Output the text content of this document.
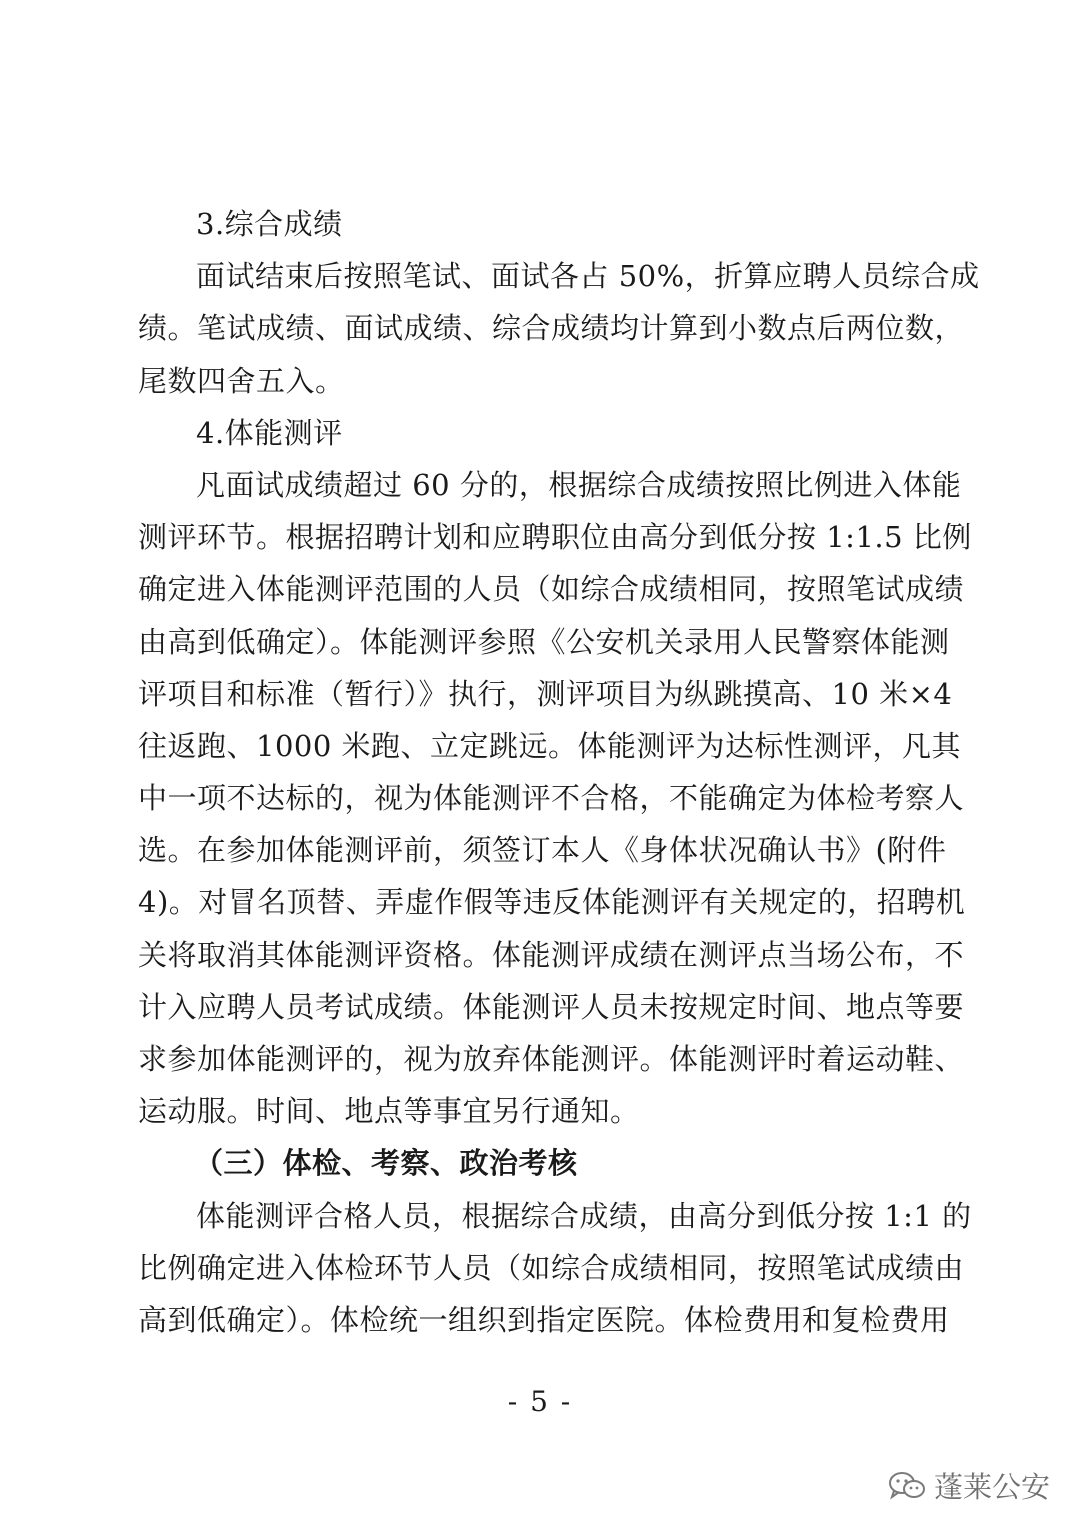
3.综合成绩
面试结束后按照笔试、面试各占 50%，折算应聘人员综合成
绩。笔试成绩、面试成绩、综合成绩均计算到小数点后两位数，
尾数四舍五入。
4.体能测评
凡面试成绩超过 60 分的，根据综合成绩按照比例进入体能
测评环节。根据招聘计划和应聘职位由高分到低分按 1:1.5 比例
确定进入体能测评范围的人员（如综合成绩相同，按照笔试成绩
由高到低确定）。体能测评参照《公安机关录用人民警察体能测
评项目和标准（暂行）》执行，测评项目为纵跳摸高、10 米×4
往返跑、1000 米跑、立定跳远。体能测评为达标性测评，凡其
中一项不达标的，视为体能测评不合格，不能确定为体检考察人
选。在参加体能测评前，须签订本人《身体状况确认书》(附件
4)。对冒名顶替、弄虚作假等违反体能测评有关规定的，招聘机
关将取消其体能测评资格。体能测评成绩在测评点当场公布，不
计入应聘人员考试成绩。体能测评人员未按规定时间、地点等要
求参加体能测评的，视为放弃体能测评。体能测评时着运动鞋、
运动服。时间、地点等事宜另行通知。
（三）体检、考察、政治考核
体能测评合格人员，根据综合成绩，由高分到低分按 1:1 的
比例确定进入体检环节人员（如综合成绩相同，按照笔试成绩由
高到低确定）。体检统一组织到指定医院。体检费用和复检费用
- 5 -
蓬莱公安
